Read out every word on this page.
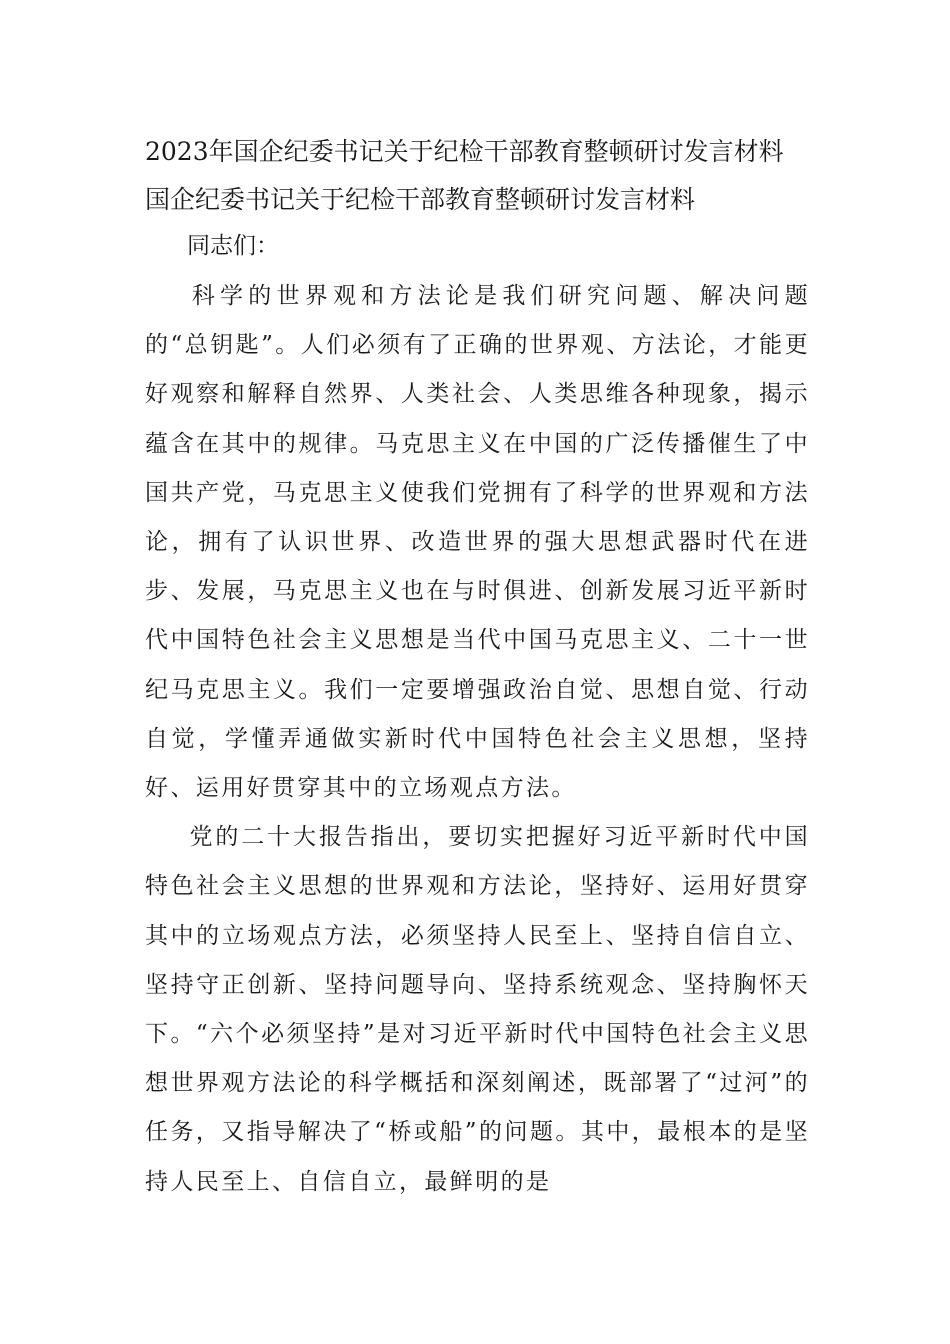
2023年国企纪委书记关于纪检干部教育整顿研讨发言材料
国企纪委书记关于纪检干部教育整顿研讨发言材料
同志们：

科学的世界观和方法论是我们研究问题、解决问题的“总钥匙”。人们必须有了正确的世界观、方法论，才能更好观察和解释自然界、人类社会、人类思维各种现象，揭示蕴含在其中的规律。马克思主义在中国的广泛传播催生了中国共产党，马克思主义使我们党拥有了科学的世界观和方法论，拥有了认识世界、改造世界的强大思想武器时代在进步、发展，马克思主义也在与时俱进、创新发展习近平新时代中国特色社会主义思想是当代中国马克思主义、二十一世纪马克思主义。我们一定要增强政治自觉、思想自觉、行动自觉，学懂弄通做实新时代中国特色社会主义思想，坚持好、运用好贯穿其中的立场观点方法。

党的二十大报告指出，要切实把握好习近平新时代中国特色社会主义思想的世界观和方法论，坚持好、运用好贯穿其中的立场观点方法，必须坚持人民至上、坚持自信自立、坚持守正创新、坚持问题导向、坚持系统观念、坚持胸怀天下。“六个必须坚持”是对习近平新时代中国特色社会主义思想世界观方法论的科学概括和深刻阐述，既部署了“过河”的任务，又指导解决了“桥或船”的问题。其中，最根本的是坚持人民至上、自信自立，最鲜明的是
